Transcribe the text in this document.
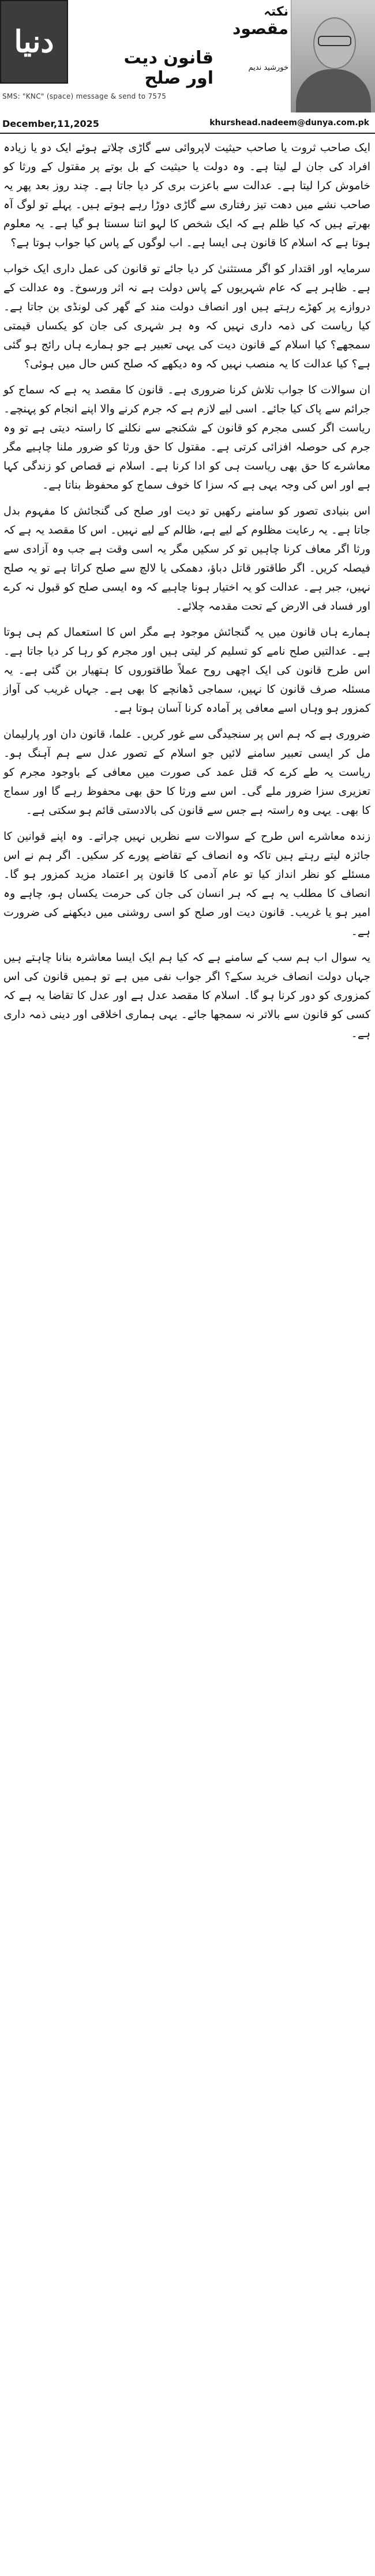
دنیا
SMS: "KNC" (space) message & send to 7575
December,11,2025
قانون دیت اور صلح
نکتہ
مقصود
خورشید ندیم
khurshead.nadeem@dunya.com.pk

ایک صاحب ثروت یا صاحب حیثیت لاپروائی سے گاڑی چلاتے ہوئے ایک دو یا زیادہ افراد کی جان لے لیتا ہے۔ وہ دولت یا حیثیت کے بل بوتے پر مقتول کے ورثا کو خاموش کرا لیتا ہے۔ عدالت سے باعزت بری کر دیا جاتا ہے۔ چند روز بعد پھر یہ صاحب نشے میں دھت تیز رفتاری سے گاڑی دوڑا رہے ہوتے ہیں۔ پہلے تو لوگ آہ بھرتے ہیں کہ کیا ظلم ہے کہ ایک شخص کا لہو اتنا سستا ہو گیا ہے۔ یہ معلوم ہوتا ہے کہ اسلام کا قانون ہی ایسا ہے۔ اب لوگوں کے پاس کیا جواب ہوتا ہے؟

سرمایہ اور اقتدار کو اگر مستثنیٰ کر دیا جائے تو قانون کی عمل داری ایک خواب ہے۔ ظاہر ہے کہ عام شہریوں کے پاس دولت ہے نہ اثر ورسوخ۔ وہ عدالت کے دروازے پر کھڑے رہتے ہیں اور انصاف دولت مند کے گھر کی لونڈی بن جاتا ہے۔ کیا ریاست کی ذمہ داری نہیں کہ وہ ہر شہری کی جان کو یکساں قیمتی سمجھے؟ کیا اسلام کے قانون دیت کی یہی تعبیر ہے جو ہمارے ہاں رائج ہو گئی ہے؟ کیا عدالت کا یہ منصب نہیں کہ وہ دیکھے کہ صلح کس حال میں ہوئی؟

ان سوالات کا جواب تلاش کرنا ضروری ہے۔ قانون کا مقصد یہ ہے کہ سماج کو جرائم سے پاک کیا جائے۔ اسی لیے لازم ہے کہ جرم کرنے والا اپنے انجام کو پہنچے۔ ریاست اگر کسی مجرم کو قانون کے شکنجے سے نکلنے کا راستہ دیتی ہے تو وہ جرم کی حوصلہ افزائی کرتی ہے۔ مقتول کا حق ورثا کو ضرور ملنا چاہیے مگر معاشرے کا حق بھی ریاست ہی کو ادا کرنا ہے۔ اسلام نے قصاص کو زندگی کہا ہے اور اس کی وجہ یہی ہے کہ سزا کا خوف سماج کو محفوظ بناتا ہے۔

اس بنیادی تصور کو سامنے رکھیں تو دیت اور صلح کی گنجائش کا مفہوم بدل جاتا ہے۔ یہ رعایت مظلوم کے لیے ہے، ظالم کے لیے نہیں۔ اس کا مقصد یہ ہے کہ ورثا اگر معاف کرنا چاہیں تو کر سکیں مگر یہ اسی وقت ہے جب وہ آزادی سے فیصلہ کریں۔ اگر طاقتور قاتل دباؤ، دھمکی یا لالچ سے صلح کراتا ہے تو یہ صلح نہیں، جبر ہے۔ عدالت کو یہ اختیار ہونا چاہیے کہ وہ ایسی صلح کو قبول نہ کرے اور فساد فی الارض کے تحت مقدمہ چلائے۔

ہمارے ہاں قانون میں یہ گنجائش موجود ہے مگر اس کا استعمال کم ہی ہوتا ہے۔ عدالتیں صلح نامے کو تسلیم کر لیتی ہیں اور مجرم کو رہا کر دیا جاتا ہے۔ اس طرح قانون کی ایک اچھی روح عملاً طاقتوروں کا ہتھیار بن گئی ہے۔ یہ مسئلہ صرف قانون کا نہیں، سماجی ڈھانچے کا بھی ہے۔ جہاں غریب کی آواز کمزور ہو وہاں اسے معافی پر آمادہ کرنا آسان ہوتا ہے۔

ضروری ہے کہ ہم اس پر سنجیدگی سے غور کریں۔ علما، قانون دان اور پارلیمان مل کر ایسی تعبیر سامنے لائیں جو اسلام کے تصور عدل سے ہم آہنگ ہو۔ ریاست یہ طے کرے کہ قتل عمد کی صورت میں معافی کے باوجود مجرم کو تعزیری سزا ضرور ملے گی۔ اس سے ورثا کا حق بھی محفوظ رہے گا اور سماج کا بھی۔ یہی وہ راستہ ہے جس سے قانون کی بالادستی قائم ہو سکتی ہے۔

زندہ معاشرے اس طرح کے سوالات سے نظریں نہیں چراتے۔ وہ اپنے قوانین کا جائزہ لیتے رہتے ہیں تاکہ وہ انصاف کے تقاضے پورے کر سکیں۔ اگر ہم نے اس مسئلے کو نظر انداز کیا تو عام آدمی کا قانون پر اعتماد مزید کمزور ہو گا۔ انصاف کا مطلب یہ ہے کہ ہر انسان کی جان کی حرمت یکساں ہو، چاہے وہ امیر ہو یا غریب۔ قانون دیت اور صلح کو اسی روشنی میں دیکھنے کی ضرورت ہے۔

یہ سوال اب ہم سب کے سامنے ہے کہ کیا ہم ایک ایسا معاشرہ بنانا چاہتے ہیں جہاں دولت انصاف خرید سکے؟ اگر جواب نفی میں ہے تو ہمیں قانون کی اس کمزوری کو دور کرنا ہو گا۔ اسلام کا مقصد عدل ہے اور عدل کا تقاضا یہ ہے کہ کسی کو قانون سے بالاتر نہ سمجھا جائے۔ یہی ہماری اخلاقی اور دینی ذمہ داری ہے۔
